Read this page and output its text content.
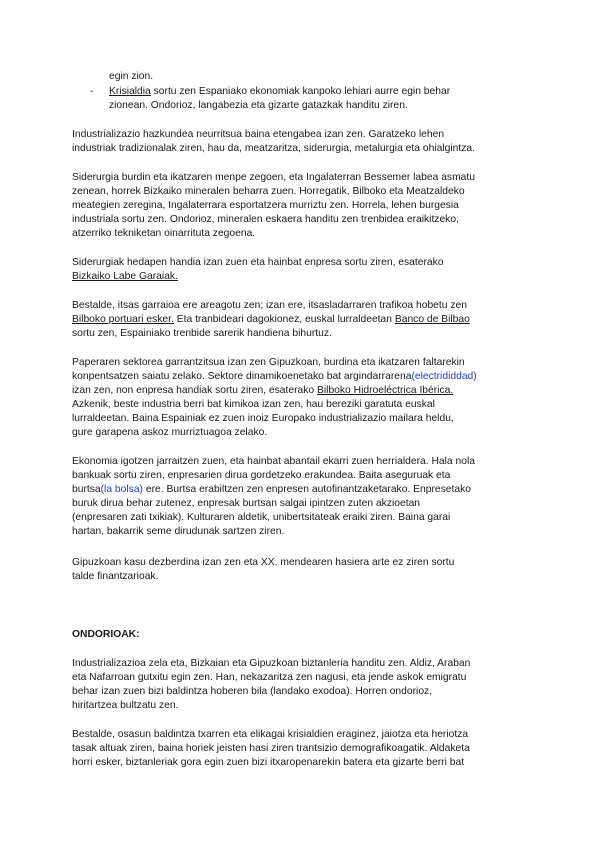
egin zion.
- Krisialdia sortu zen Espaniako ekonomiak kanpoko lehiari aurre egin behar
zionean. Ondorioz, langabezia eta gizarte gatazkak handitu ziren.
Industrializazio hazkundea neurritsua baina etengabea izan zen. Garatzeko lehen
industriak tradizionalak ziren, hau da, meatzaritza, siderurgia, metalurgia eta ohialgintza.
Siderurgia burdin eta ikatzaren menpe zegoen, eta Ingalaterran Bessemer labea asmatu
zenean, horrek Bizkaiko mineralen beharra zuen. Horregatik, Bilboko eta Meatzaldeko
meategien zeregina, Ingalaterrara esportatzera murriztu zen. Horrela, lehen burgesia
industriala sortu zen. Ondorioz, mineralen eskaera handitu zen trenbidea eraikitzeko,
atzerriko tekniketan oinarrituta zegoena.
Siderurgiak hedapen handia izan zuen eta hainbat enpresa sortu ziren, esaterako
Bizkaiko Labe Garaiak.
Bestalde, itsas garraioa ere areagotu zen; izan ere, itsasladarraren trafikoa hobetu zen
Bilboko portuari esker. Eta tranbideari dagokionez, euskal lurraldeetan Banco de Bilbao
sortu zen, Espainiako trenbide sarerik handiena bihurtuz.
Paperaren sektorea garrantzitsua izan zen Gipuzkoan, burdina eta ikatzaren faltarekin
konpentsatzen saiatu zelako. Sektore dinamikoenetako bat argindarrarena(electrididdad)
izan zen, non enpresa handiak sortu ziren, esaterako Bilboko Hidroeléctrica Ibérica.
Azkenik, beste industria berri bat kimikoa izan zen, hau bereziki garatuta euskal
lurraldeetan. Baina Espainiak ez zuen inoiz Europako industrializazio mailara heldu,
gure garapena askoz murriztuagoa zelako.
Ekonomia igotzen jarraitzen zuen, eta hainbat abantail ekarri zuen herrialdera. Hala nola
bankuak sortu ziren, enpresarien dirua gordetzeko erakundea. Baita aseguruak eta
burtsa(la bolsa) ere. Burtsa erabiltzen zen enpresen autofinantzaketarako. Enpresetako
buruk dirua behar zutenez, enpresak burtsan salgai ipintzen zuten akzioetan
(enpresaren zati txikiak). Kulturaren aldetik, unibertsitateak eraiki ziren. Baina garai
hartan, bakarrik seme dirudunak sartzen ziren.
Gipuzkoan kasu dezberdina izan zen eta XX. mendearen hasiera arte ez ziren sortu
talde finantzarioak.
ONDORIOAK:
Industrializazioa zela eta, Bizkaian eta Gipuzkoan biztanleria handitu zen. Aldiz, Araban
eta Nafarroan gutxitu egin zen. Han, nekazaritza zen nagusi, eta jende askok emigratu
behar izan zuen bizi baldintza hoberen bila (landako exodoa). Horren ondorioz,
hiritartzea bultzatu zen.
Bestalde, osasun baldintza txarren eta elikagai krisialdien eraginez, jaiotza eta heriotza
tasak altuak ziren, baina horiek jeisten hasi ziren trantsizio demografikoagatik. Aldaketa
horri esker, biztanleriak gora egin zuen bizi itxaropenarekin batera eta gizarte berri bat
